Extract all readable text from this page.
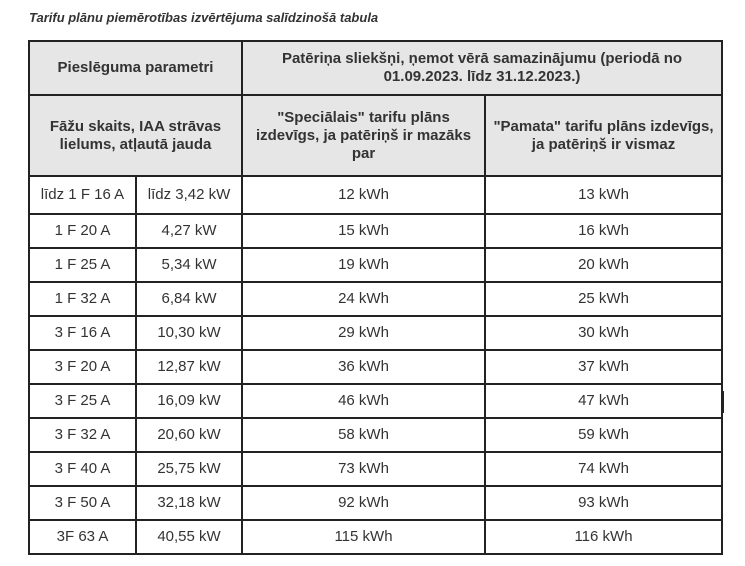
Tarifu plānu piemērotības izvērtējuma salīdzinošā tabula

Pieslēguma parametri		Patēriņa sliekšņi, ņemot vērā samazinājumu (periodā no 01.09.2023. līdz 31.12.2023.)	
Fāžu skaits, IAA strāvas lielums, atļautā jauda		"Speciālais" tarifu plāns izdevīgs, ja patēriņš ir mazāks par	"Pamata" tarifu plāns izdevīgs, ja patēriņš ir vismaz
līdz 1 F 16 A	līdz 3,42 kW	12 kWh	13 kWh
1 F 20 A	4,27 kW	15 kWh	16 kWh
1 F 25 A	5,34 kW	19 kWh	20 kWh
1 F 32 A	6,84 kW	24 kWh	25 kWh
3 F 16 A	10,30 kW	29 kWh	30 kWh
3 F 20 A	12,87 kW	36 kWh	37 kWh
3 F 25 A	16,09 kW	46 kWh	47 kWh
3 F 32 A	20,60 kW	58 kWh	59 kWh
3 F 40 A	25,75 kW	73 kWh	74 kWh
3 F 50 A	32,18 kW	92 kWh	93 kWh
3F 63 A	40,55 kW	115 kWh	116 kWh
